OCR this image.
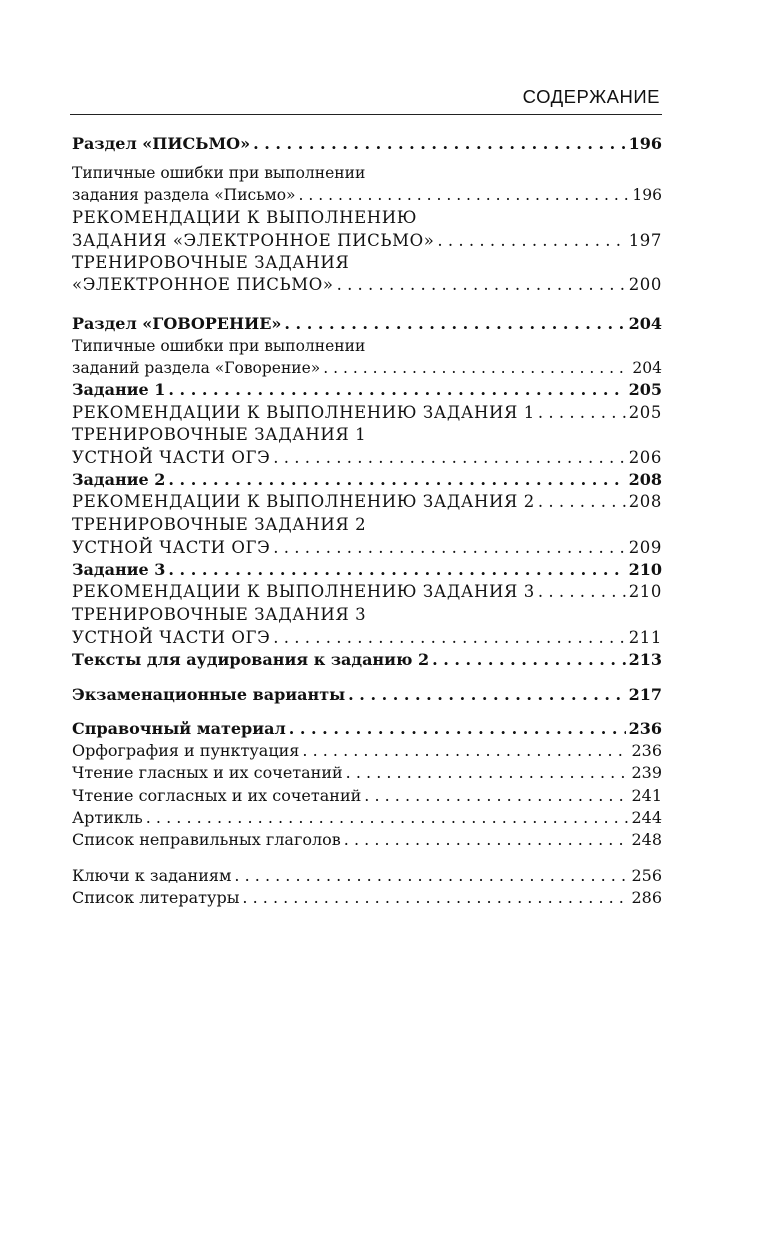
СОДЕРЖАНИЕ
Раздел «ПИСЬМО» . . .	196
Типичные ошибки при выполнении
задания раздела «Письмо» . . .	196
РЕКОМЕНДАЦИИ К ВЫПОЛНЕНИЮ
ЗАДАНИЯ «ЭЛЕКТРОННОЕ ПИСЬМО» . . .	197
ТРЕНИРОВОЧНЫЕ ЗАДАНИЯ
«ЭЛЕКТРОННОЕ ПИСЬМО» . . .	200
Раздел «ГОВОРЕНИЕ» . . .	204
Типичные ошибки при выполнении
заданий раздела «Говорение» . . .	204
Задание 1 . . .	205
РЕКОМЕНДАЦИИ К ВЫПОЛНЕНИЮ ЗАДАНИЯ 1 . . .	205
ТРЕНИРОВОЧНЫЕ ЗАДАНИЯ 1
УСТНОЙ ЧАСТИ ОГЭ . . .	206
Задание 2 . . .	208
РЕКОМЕНДАЦИИ К ВЫПОЛНЕНИЮ ЗАДАНИЯ 2 . . .	208
ТРЕНИРОВОЧНЫЕ ЗАДАНИЯ 2
УСТНОЙ ЧАСТИ ОГЭ . . .	209
Задание 3 . . .	210
РЕКОМЕНДАЦИИ К ВЫПОЛНЕНИЮ ЗАДАНИЯ 3 . . .	210
ТРЕНИРОВОЧНЫЕ ЗАДАНИЯ 3
УСТНОЙ ЧАСТИ ОГЭ . . .	211
Тексты для аудирования к заданию 2 . . .	213
Экзаменационные варианты . . .	217
Справочный материал . . .	236
Орфография и пунктуация . . .	236
Чтение гласных и их сочетаний . . .	239
Чтение согласных и их сочетаний . . .	241
Артикль . . .	244
Список неправильных глаголов . . .	248
Ключи к заданиям . . .	256
Список литературы . . .	286
